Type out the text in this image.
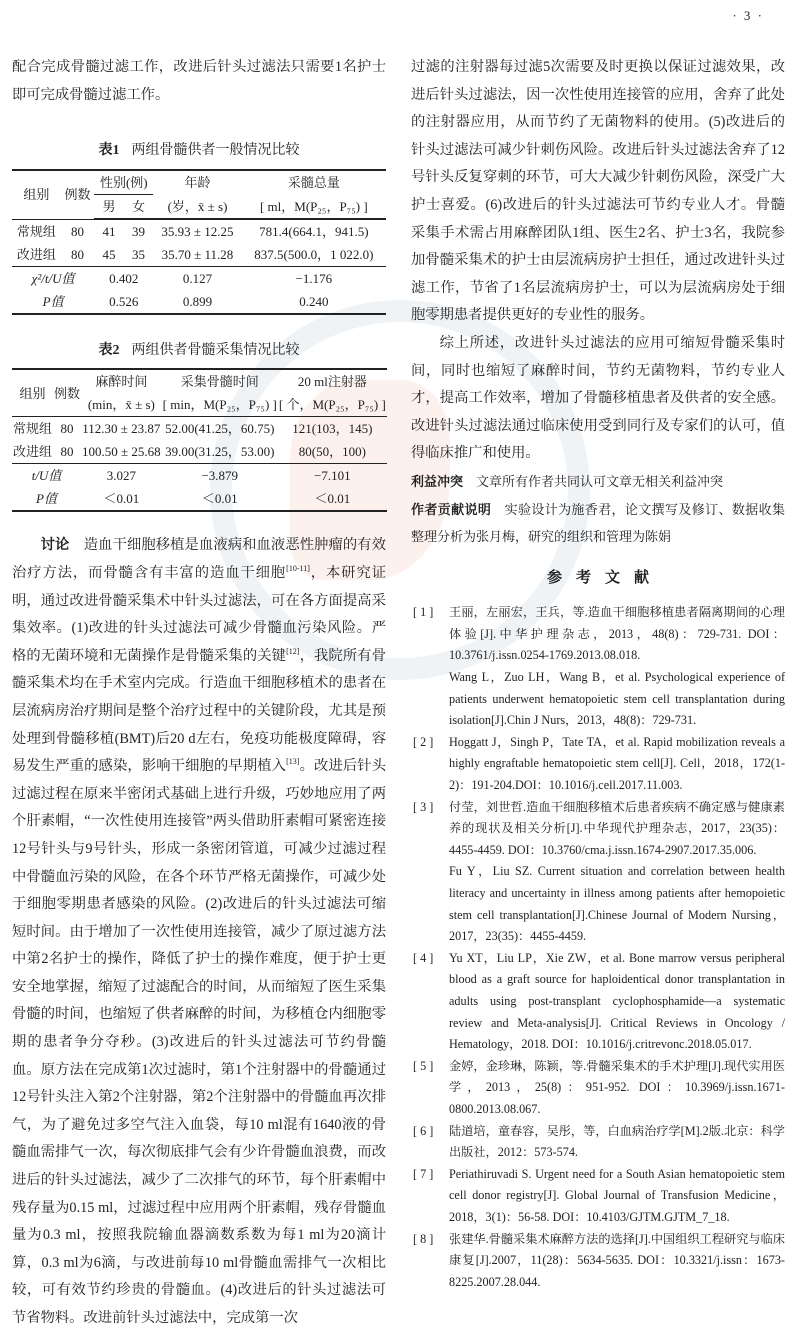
· 3 ·

配合完成骨髓过滤工作，改进后针头过滤法只需要1名护士即可完成骨髓过滤工作。

表1 两组骨髓供者一般情况比较

组别	例数	性别(例)		年龄	采髓总量
		男	女	(岁，x̄ ± s)	[ ml，M(P₂₅，P₇₅) ]

常规组	80	41	39	35.93 ± 12.25	781.4(664.1，941.5)
改进组	80	45	35	35.70 ± 11.28	837.5(500.0，1 022.0)
χ²/t/U值		0.402		0.127	−1.176
P值		0.526		0.899	0.240

表2 两组供者骨髓采集情况比较

组别	例数	麻醉时间	采集骨髓时间	20 ml注射器
		(min，x̄ ± s)	[ min，M(P₂₅，P₇₅) ]	[ 个，M(P₂₅，P₇₅) ]

常规组	80	112.30 ± 23.87	52.00(41.25，60.75)	121(103，145)
改进组	80	100.50 ± 25.68	39.00(31.25，53.00)	80(50，100)
t/U值		3.027	−3.879	−7.101
P值		＜0.01	＜0.01	＜0.01

讨论  造血干细胞移植是血液病和血液恶性肿瘤的有效治疗方法，而骨髓含有丰富的造血干细胞[10-11]，本研究证明，通过改进骨髓采集术中针头过滤法，可在各方面提高采集效率。(1)改进的针头过滤法可减少骨髓血污染风险。严格的无菌环境和无菌操作是骨髓采集的关键[12]，我院所有骨髓采集术均在手术室内完成。行造血干细胞移植术的患者在层流病房治疗期间是整个治疗过程中的关键阶段，尤其是预处理到骨髓移植(BMT)后20 d左右，免疫功能极度障碍，容易发生严重的感染，影响干细胞的早期植入[13]。改进后针头过滤过程在原来半密闭式基础上进行升级，巧妙地应用了两个肝素帽，“一次性使用连接管”两头借助肝素帽可紧密连接12号针头与9号针头，形成一条密闭管道，可减少过滤过程中骨髓血污染的风险，在各个环节严格无菌操作，可减少处于细胞零期患者感染的风险。(2)改进后的针头过滤法可缩短时间。由于增加了一次性使用连接管，减少了原过滤方法中第2名护士的操作，降低了护士的操作难度，便于护士更安全地掌握，缩短了过滤配合的时间，从而缩短了医生采集骨髓的时间，也缩短了供者麻醉的时间，为移植仓内细胞零期的患者争分夺秒。(3)改进后的针头过滤法可节约骨髓血。原方法在完成第1次过滤时，第1个注射器中的骨髓通过12号针头注入第2个注射器，第2个注射器中的骨髓血再次排气，为了避免过多空气注入血袋，每10 ml混有1640液的骨髓血需排气一次，每次彻底排气会有少许骨髓血浪费，而改进后的针头过滤法，减少了二次排气的环节，每个肝素帽中残存量为0.15 ml，过滤过程中应用两个肝素帽，残存骨髓血量为0.3 ml，按照我院输血器滴数系数为每1 ml为20滴计算，0.3 ml为6滴，与改进前每10 ml骨髓血需排气一次相比较，可有效节约珍贵的骨髓血。(4)改进后的针头过滤法可节省物料。改进前针头过滤法中，完成第一次

过滤的注射器每过滤5次需要及时更换以保证过滤效果，改进后针头过滤法，因一次性使用连接管的应用，舍弃了此处的注射器应用，从而节约了无菌物料的使用。(5)改进后的针头过滤法可减少针刺伤风险。改进后针头过滤法舍弃了12号针头反复穿刺的环节，可大大减少针刺伤风险，深受广大护士喜爱。(6)改进后的针头过滤法可节约专业人才。骨髓采集手术需占用麻醉团队1组、医生2名、护士3名，我院参加骨髓采集术的护士由层流病房护士担任，通过改进针头过滤工作，节省了1名层流病房护士，可以为层流病房处于细胞零期患者提供更好的专业性的服务。

综上所述，改进针头过滤法的应用可缩短骨髓采集时间，同时也缩短了麻醉时间，节约无菌物料，节约专业人才，提高工作效率，增加了骨髓移植患者及供者的安全感。改进针头过滤法通过临床使用受到同行及专家们的认可，值得临床推广和使用。

利益冲突  文章所有作者共同认可文章无相关利益冲突

作者贡献说明  实验设计为施香君，论文撰写及修订、数据收集整理分析为张月梅，研究的组织和管理为陈娟

参考文献
[ 1 ]	王丽，左丽宏，王兵，等.造血干细胞移植患者隔离期间的心理体验[J].中华护理杂志，2013，48(8)：729-731. DOI：10.3761/j.issn.0254-1769.2013.08.018.
Wang L，Zuo LH，Wang B，et al. Psychological experience of patients underwent hematopoietic stem cell transplantation during isolation[J].Chin J Nurs，2013，48(8)：729-731.
[ 2 ]	Hoggatt J，Singh P，Tate TA，et al. Rapid mobilization reveals a highly engraftable hematopoietic stem cell[J]. Cell，2018，172(1-2)：191-204.DOI：10.1016/j.cell.2017.11.003.
[ 3 ]	付莹，刘世哲.造血干细胞移植术后患者疾病不确定感与健康素养的现状及相关分析[J].中华现代护理杂志，2017，23(35)：4455-4459. DOI：10.3760/cma.j.issn.1674-2907.2017.35.006.
Fu Y，Liu SZ. Current situation and correlation between health literacy and uncertainty in illness among patients after hemopoietic stem cell transplantation[J].Chinese Journal of Modern Nursing，2017，23(35)：4455-4459.
[ 4 ]	Yu XT，Liu LP，Xie ZW，et al. Bone marrow versus peripheral blood as a graft source for haploidentical donor transplantation in adults using post-transplant cyclophosphamide—a systematic review and Meta-analysis[J]. Critical Reviews in Oncology / Hematology，2018. DOI：10.1016/j.critrevonc.2018.05.017.
[ 5 ]	金婷，金珍琳，陈颖，等.骨髓采集术的手术护理[J].现代实用医学，2013，25(8)：951-952. DOI：10.3969/j.issn.1671-0800.2013.08.067.
[ 6 ]	陆道培，童春容，吴彤，等，白血病治疗学[M].2版.北京：科学出版社，2012：573-574.
[ 7 ]	Periathiruvadi S. Urgent need for a South Asian hematopoietic stem cell donor registry[J]. Global Journal of Transfusion Medicine，2018，3(1)：56-58. DOI：10.4103/GJTM.GJTM_7_18.
[ 8 ]	张建华.骨髓采集术麻醉方法的选择[J].中国组织工程研究与临床康复[J].2007，11(28)：5634-5635. DOI：10.3321/j.issn：1673-8225.2007.28.044.
